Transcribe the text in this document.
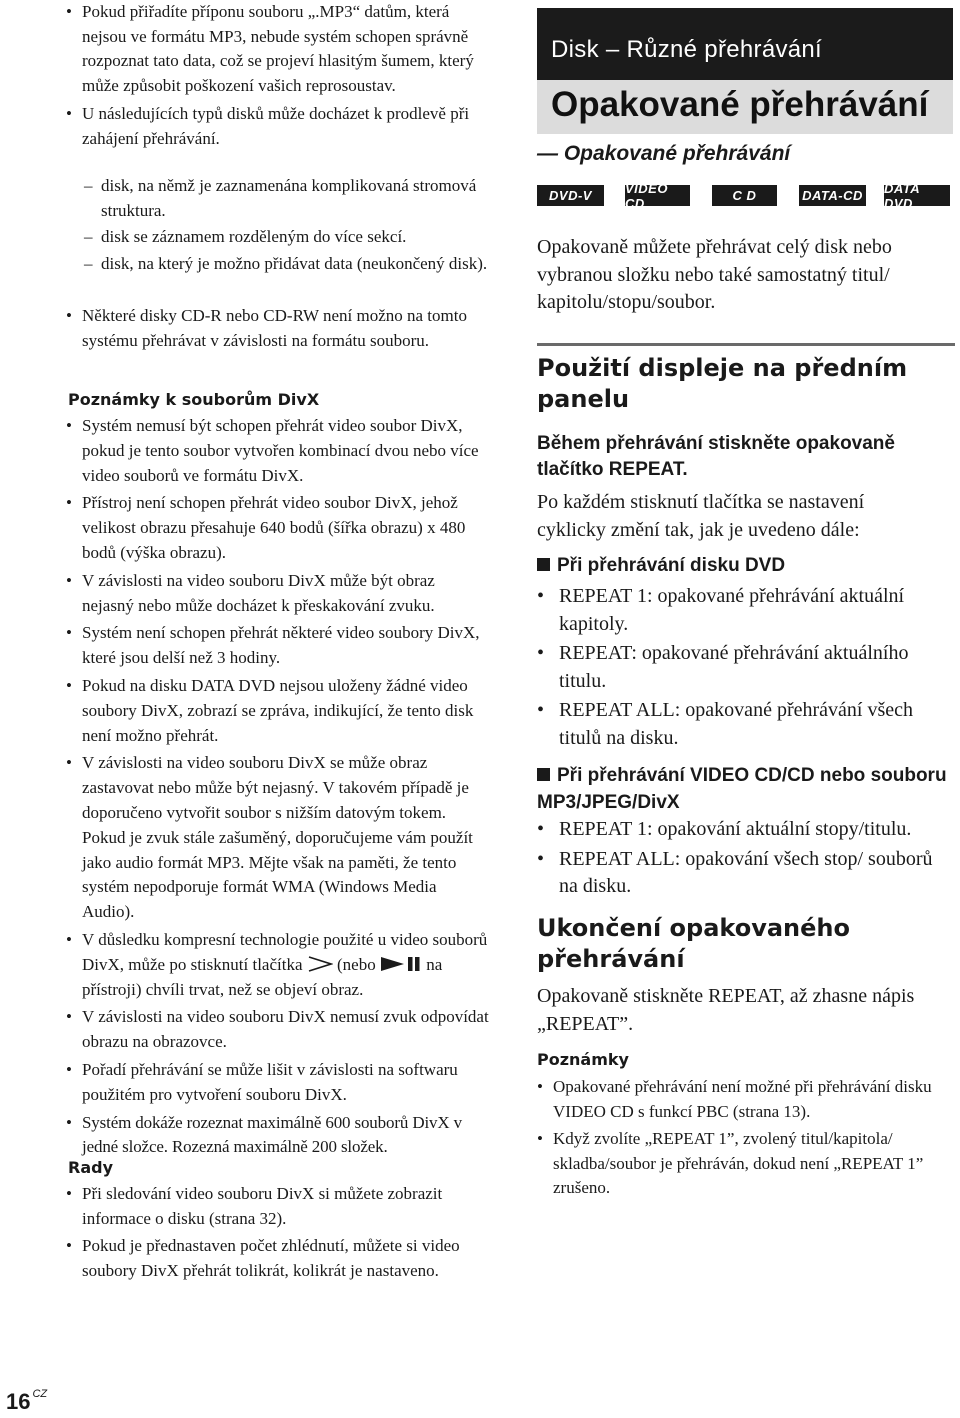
• Pokud přiřadíte příponu souboru „.MP3“ datům, která nejsou ve formátu MP3, nebude systém schopen správně rozpoznat tato data, což se projeví hlasitým šumem, který může způsobit poškození vašich reprosoustav.
• U následujících typů disků může docházet k prodlevě při zahájení přehrávání.
– disk, na němž je zaznamenána komplikovaná stromová struktura.
– disk se záznamem rozděleným do více sekcí.
– disk, na který je možno přidávat data (neukončený disk).
• Některé disky CD-R nebo CD-RW není možno na tomto systému přehrávat v závislosti na formátu souboru.
Poznámky k souborům DivX
• Systém nemusí být schopen přehrát video soubor DivX, pokud je tento soubor vytvořen kombinací dvou nebo více video souborů ve formátu DivX.
• Přístroj není schopen přehrát video soubor DivX, jehož velikost obrazu přesahuje 640 bodů (šířka obrazu) x 480 bodů (výška obrazu).
• V závislosti na video souboru DivX může být obraz nejasný nebo může docházet k přeskakování zvuku.
• Systém není schopen přehrát některé video soubory DivX, které jsou delší než 3 hodiny.
• Pokud na disku DATA DVD nejsou uloženy žádné video soubory DivX, zobrazí se zpráva, indikující, že tento disk není možno přehrát.
• V závislosti na video souboru DivX se může obraz zastavovat nebo může být nejasný. V takovém případě je doporučeno vytvořit soubor s nižším datovým tokem. Pokud je zvuk stále zašuměný, doporučujeme vám použít jako audio formát MP3. Mějte však na paměti, že tento systém nepodporuje formát WMA (Windows Media Audio).
• V důsledku kompresní technologie použité u video souborů DivX, může po stisknutí tlačítka (nebo	na přístroji) chvíli trvat, než se objeví obraz.
• V závislosti na video souboru DivX nemusí zvuk odpovídat obrazu na obrazovce.
• Pořadí přehrávání se může lišit v závislosti na softwaru použitém pro vytvoření souboru DivX.
• Systém dokáže rozeznat maximálně 600 souborů DivX v jedné složce. Rozezná maximálně 200 složek.
Rady
• Při sledování video souboru DivX si můžete zobrazit informace o disku (strana 32).
• Pokud je přednastaven počet zhlédnutí, můžete si video soubory DivX přehrát tolikrát, kolikrát je nastaveno.
Disk – Různé přehrávání
Opakované přehrávání
— Opakované přehrávání
DVD-V	VIDEO CD	C D	DATA-CD DATA DVD
Opakovaně můžete přehrávat celý disk nebo vybranou složku nebo také samostatný titul/ kapitolu/stopu/soubor.
Použití displeje na předním panelu
Během přehrávání stiskněte opakovaně tlačítko REPEAT.
Po každém stisknutí tlačítka se nastavení cyklicky změní tak, jak je uvedeno dále:
Při přehrávání disku DVD
• REPEAT 1: opakované přehrávání aktuální kapitoly.
• REPEAT: opakované přehrávání aktuálního titulu.
• REPEAT ALL: opakované přehrávání všech titulů na disku.
Při přehrávání VIDEO CD/CD nebo souboru MP3/JPEG/DivX
• REPEAT 1: opakování aktuální stopy/titulu.
• REPEAT ALL: opakování všech stop/ souborů na disku.
Ukončení opakovaného přehrávání
Opakovaně stiskněte REPEAT, až zhasne nápis „REPEAT”.
Poznámky
• Opakované přehrávání není možné při přehrávání disku VIDEO CD s funkcí PBC (strana 13).
• Když zvolíte „REPEAT 1”, zvolený titul/kapitola/ skladba/soubor je přehráván, dokud není „REPEAT 1” zrušeno.
16 $^{CZ}$
